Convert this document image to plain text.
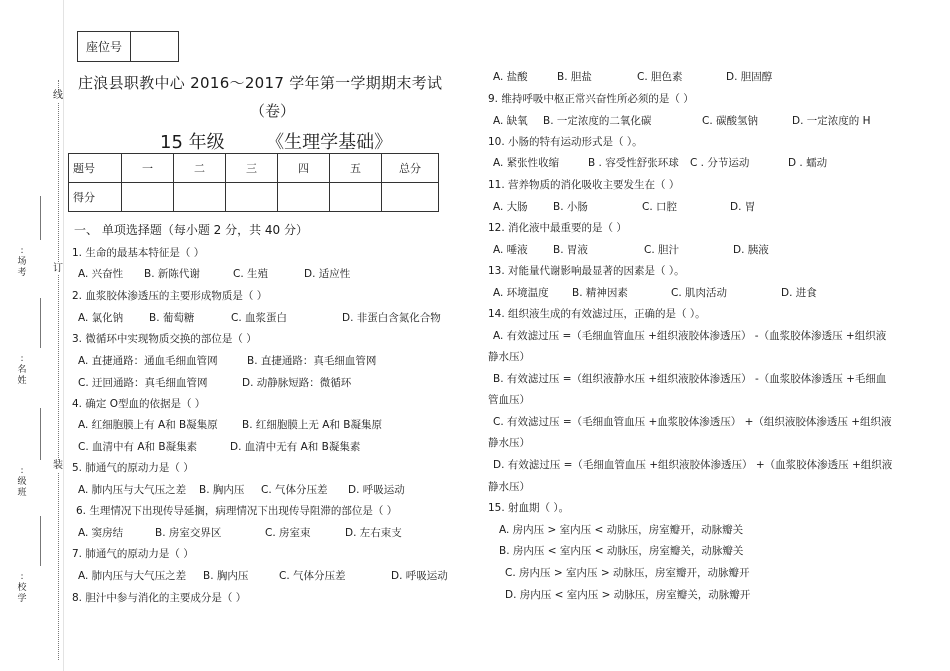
座位号
线
订
装
: 场 考
: 名 姓
: 级 班
: 校 学
庄浪县职教中心 2016～2017 学年第一学期期末考试
（卷）
15 年级 《生理学基础》
题号	一	二	三	四	五	总分
得分						
一、 单项选择题（每小题 2 分，共 40 分）
1. 生命的最基本特征是（ ）
A. 兴奋性 B. 新陈代谢	C. 生殖	D. 适应性
2. 血浆胶体渗透压的主要形成物质是（ ）
A. 氯化钠 B. 葡萄糖	C. 血浆蛋白	D. 非蛋白含氮化合物
3. 微循环中实现物质交换的部位是（ ）
A. 直捷通路：通血毛细血管网	B. 直捷通路：真毛细血管网
C. 迂回通路：真毛细血管网	D. 动静脉短路：微循环
4. 确定 O型血的依据是（ ）
A. 红细胞膜上有 A和 B凝集原 B. 红细胞膜上无 A和 B凝集原
C. 血清中有 A和 B凝集素	D. 血清中无有 A和 B凝集素
5. 肺通气的原动力是（ ）
A. 肺内压与大气压之差 B. 胸内压 C. 气体分压差 D. 呼吸运动
6. 生理情况下出现传导延搁，病理情况下出现传导阻滞的部位是（ ）
A. 窦房结	B. 房室交界区	C. 房室束	D. 左右束支
7. 肺通气的原动力是（ ）
A. 肺内压与大气压之差 B. 胸内压	C. 气体分压差	D. 呼吸运动
8. 胆汁中参与消化的主要成分是（ ）
A. 盐酸	B. 胆盐	C. 胆色素	D. 胆固醇
9. 维持呼吸中枢正常兴奋性所必须的是（ ）
A. 缺氧 B. 一定浓度的二氧化碳	C. 碳酸氢钠	D. 一定浓度的 H
10. 小肠的特有运动形式是（ ）。
A. 紧张性收缩	B . 容受性舒张环球 C . 分节运动	D . 蠕动
11. 营养物质的消化吸收主要发生在（ ）
A. 大肠 B. 小肠	C. 口腔	D. 胃
12. 消化液中最重要的是（ ）
A. 唾液 B. 胃液	C. 胆汁	D. 胰液
13. 对能量代谢影响最显著的因素是（ ）。
A. 环境温度 B. 精神因素	C. 肌肉活动	D. 进食
14. 组织液生成的有效滤过压，正确的是（ ）。
A. 有效滤过压 =（毛细血管血压 +组织液胶体渗透压） -（血浆胶体渗透压 +组织液
静水压）
B. 有效滤过压 =（组织液静水压 +组织液胶体渗透压） -（血浆胶体渗透压 +毛细血
管血压）
C. 有效滤过压 =（毛细血管血压 +血浆胶体渗透压） +（组织液胶体渗透压 +组织液
静水压）
D. 有效滤过压 =（毛细血管血压 +组织液胶体渗透压） +（血浆胶体渗透压 +组织液
静水压）
15. 射血期（ ）。
A. 房内压 > 室内压 < 动脉压，房室瓣开，动脉瓣关
B. 房内压 < 室内压 < 动脉压，房室瓣关，动脉瓣关
C. 房内压 > 室内压 > 动脉压，房室瓣开，动脉瓣开
D. 房内压 < 室内压 > 动脉压，房室瓣关，动脉瓣开
